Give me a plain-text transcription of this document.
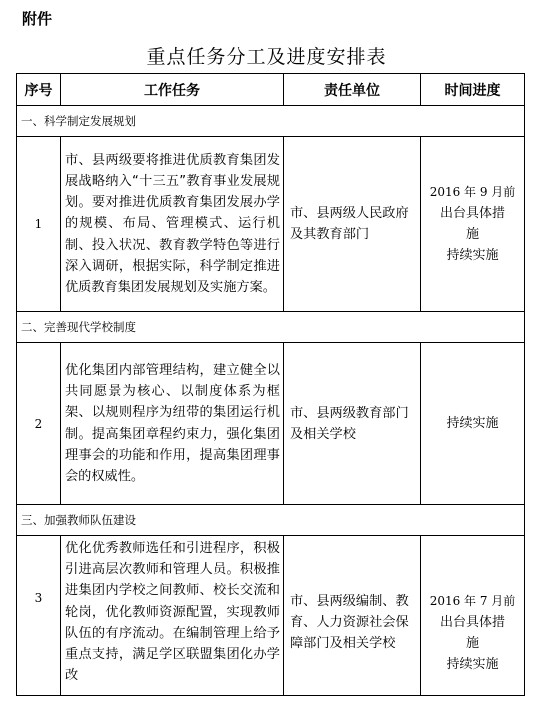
附件
重点任务分工及进度安排表
序号	工作任务	责任单位	时间进度
一、科学制定发展规划			
1	市、县两级要将推进优质教育集团发展战略纳入“十三五”教育事业发展规划。要对推进优质教育集团发展办学的规模、布局、管理模式、运行机制、投入状况、教育教学特色等进行深入调研，根据实际，科学制定推进优质教育集团发展规划及实施方案。	市、县两级人民政府及其教育部门	2016 年 9 月前
出台具体措
施
持续实施

二、完善现代学校制度			
2	优化集团内部管理结构，建立健全以共同愿景为核心、以制度体系为框架、以规则程序为纽带的集团运行机制。提高集团章程约束力，强化集团理事会的功能和作用，提高集团理事会的权威性。	市、县两级教育部门及相关学校	持续实施

三、加强教师队伍建设			
3	优化优秀教师选任和引进程序，积极引进高层次教师和管理人员。积极推进集团内学校之间教师、校长交流和轮岗，优化教师资源配置，实现教师队伍的有序流动。在编制管理上给予重点支持，满足学区联盟集团化办学改	市、县两级编制、教育、人力资源社会保障部门及相关学校	2016 年 7 月前
出台具体措
施
持续实施
